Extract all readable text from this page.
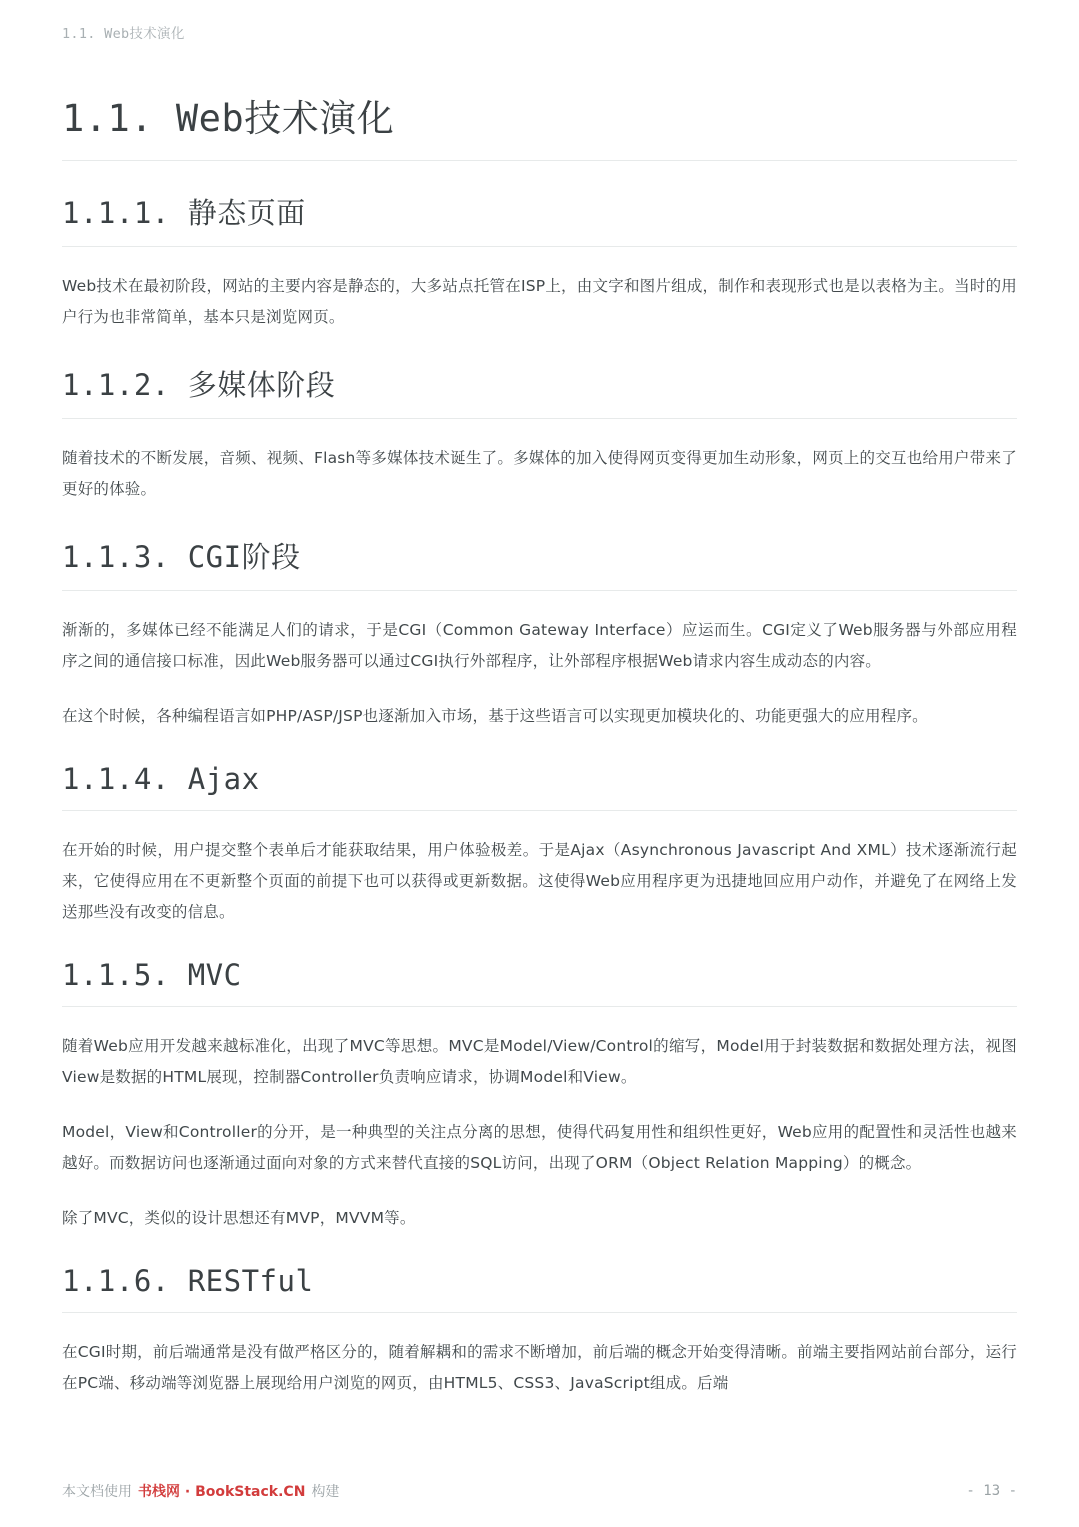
1.1. Web技术演化
1.1. Web技术演化
1.1.1. 静态页面

Web技术在最初阶段，网站的主要内容是静态的，大多站点托管在ISP上，由文字和图片组成，制作和表现形式也是以表格为主。当时的用户行为也非常简单，基本只是浏览网页。

1.1.2. 多媒体阶段

随着技术的不断发展，音频、视频、Flash等多媒体技术诞生了。多媒体的加入使得网页变得更加生动形象，网页上的交互也给用户带来了更好的体验。

1.1.3. CGI阶段

渐渐的，多媒体已经不能满足人们的请求，于是CGI（Common Gateway Interface）应运而生。CGI定义了Web服务器与外部应用程序之间的通信接口标准，因此Web服务器可以通过CGI执行外部程序，让外部程序根据Web请求内容生成动态的内容。

在这个时候，各种编程语言如PHP/ASP/JSP也逐渐加入市场，基于这些语言可以实现更加模块化的、功能更强大的应用程序。

1.1.4. Ajax

在开始的时候，用户提交整个表单后才能获取结果，用户体验极差。于是Ajax（Asynchronous Javascript And XML）技术逐渐流行起来，它使得应用在不更新整个页面的前提下也可以获得或更新数据。这使得Web应用程序更为迅捷地回应用户动作，并避免了在网络上发送那些没有改变的信息。

1.1.5. MVC

随着Web应用开发越来越标准化，出现了MVC等思想。MVC是Model/View/Control的缩写，Model用于封装数据和数据处理方法，视图View是数据的HTML展现，控制器Controller负责响应请求，协调Model和View。

Model，View和Controller的分开，是一种典型的关注点分离的思想，使得代码复用性和组织性更好，Web应用的配置性和灵活性也越来越好。而数据访问也逐渐通过面向对象的方式来替代直接的SQL访问，出现了ORM（Object Relation Mapping）的概念。

除了MVC，类似的设计思想还有MVP，MVVM等。

1.1.6. RESTful

在CGI时期，前后端通常是没有做严格区分的，随着解耦和的需求不断增加，前后端的概念开始变得清晰。前端主要指网站前台部分，运行在PC端、移动端等浏览器上展现给用户浏览的网页，由HTML5、CSS3、JavaScript组成。后端

本文档使用 书栈网 · BookStack.CN 构建	- 13 -
